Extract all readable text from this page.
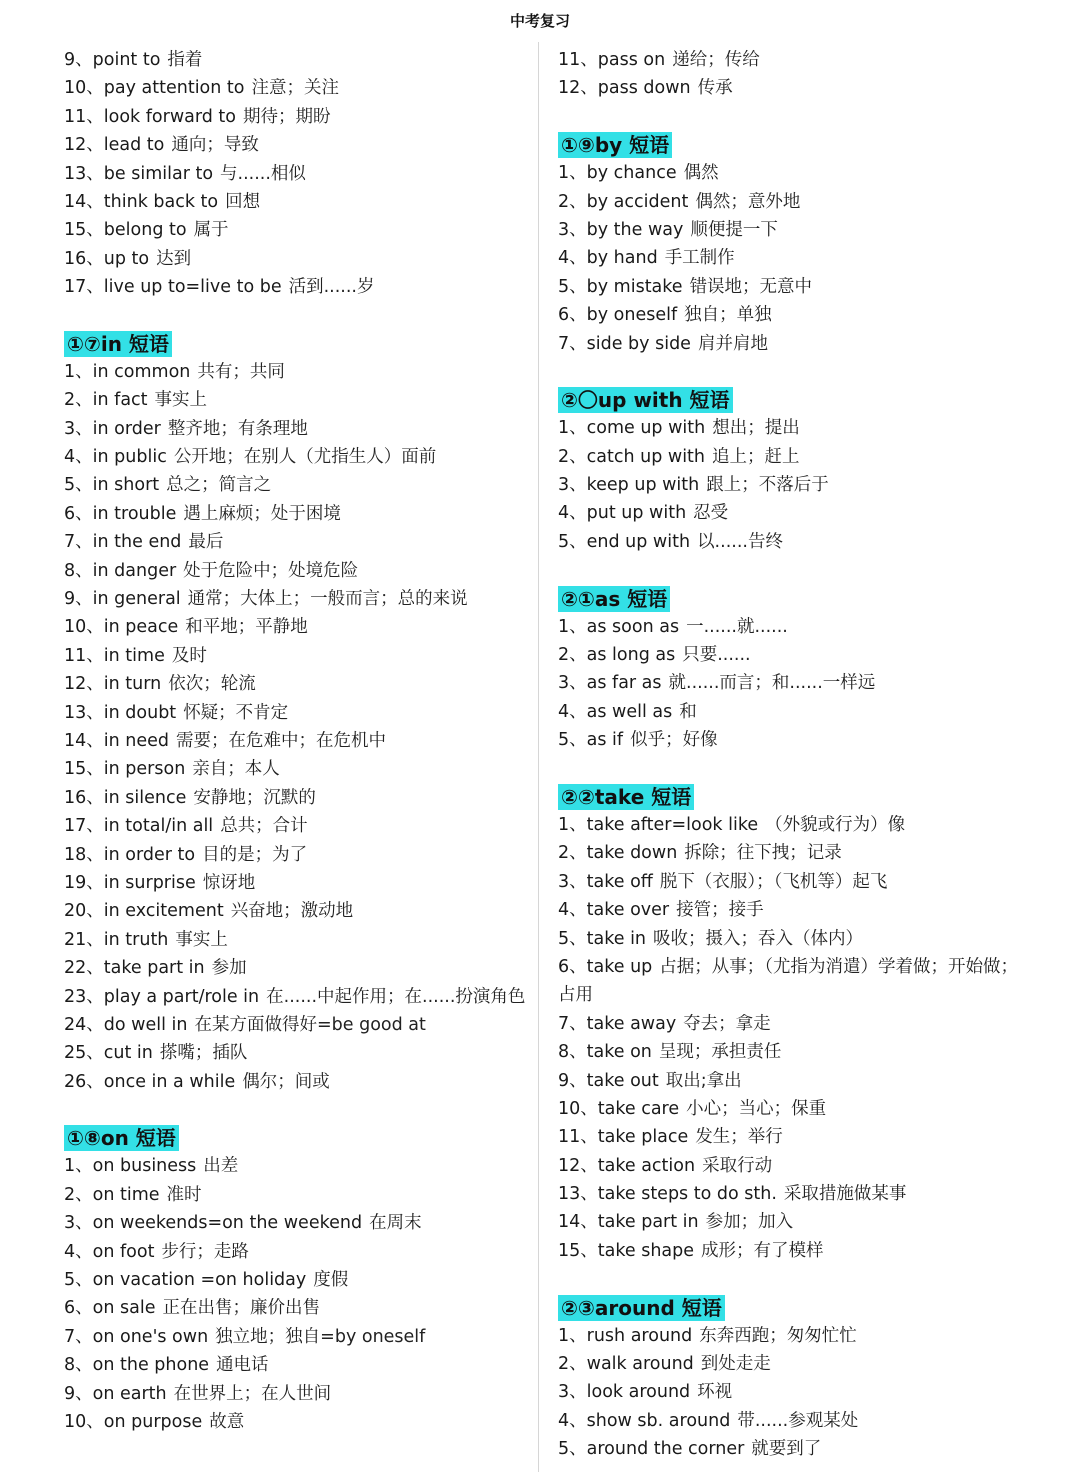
中考复习
9、point to 指着
10、pay attention to 注意；关注
11、look forward to 期待；期盼
12、lead to 通向；导致
13、be similar to 与......相似
14、think back to 回想
15、belong to 属于
16、up to 达到
17、live up to=live to be 活到......岁
①⑦in 短语
1、in common 共有；共同
2、in fact 事实上
3、in order 整齐地；有条理地
4、in public 公开地；在别人（尤指生人）面前
5、in short 总之；简言之
6、in trouble 遇上麻烦；处于困境
7、in the end 最后
8、in danger 处于危险中；处境危险
9、in general 通常；大体上；一般而言；总的来说
10、in peace 和平地；平静地
11、in time 及时
12、in turn 依次；轮流
13、in doubt 怀疑；不肯定
14、in need 需要；在危难中；在危机中
15、in person 亲自；本人
16、in silence 安静地；沉默的
17、in total/in all 总共；合计
18、in order to 目的是；为了
19、in surprise 惊讶地
20、in excitement 兴奋地；激动地
21、in truth 事实上
22、take part in 参加
23、play a part/role in 在......中起作用；在......扮演角色
24、do well in 在某方面做得好=be good at
25、cut in 搽嘴；插队
26、once in a while 偶尔；间或
①⑧on 短语
1、on business 出差
2、on time 准时
3、on weekends=on the weekend 在周末
4、on foot 步行；走路
5、on vacation =on holiday 度假
6、on sale 正在出售；廉价出售
7、on one's own 独立地；独自=by oneself
8、on the phone 通电话
9、on earth 在世界上；在人世间
10、on purpose 故意
11、pass on 递给；传给
12、pass down 传承
①⑨by 短语
1、by chance 偶然
2、by accident 偶然；意外地
3、by the way 顺便提一下
4、by hand 手工制作
5、by mistake 错误地；无意中
6、by oneself 独自；单独
7、side by side 肩并肩地
②〇up with 短语
1、come up with 想出；提出
2、catch up with 追上；赶上
3、keep up with 跟上；不落后于
4、put up with 忍受
5、end up with 以......告终
②①as 短语
1、as soon as 一......就......
2、as long as 只要......
3、as far as 就......而言；和......一样远
4、as well as 和
5、as if 似乎；好像
②②take 短语
1、take after=look like （外貌或行为）像
2、take down 拆除；往下拽；记录
3、take off 脱下（衣服）；（飞机等）起飞
4、take over 接管；接手
5、take in 吸收；摄入；吞入（体内）
6、take up 占据；从事；（尤指为消遣）学着做；开始做；占用
7、take away 夺去；拿走
8、take on 呈现；承担责任
9、take out 取出;拿出
10、take care 小心；当心；保重
11、take place 发生；举行
12、take action 采取行动
13、take steps to do sth. 采取措施做某事
14、take part in 参加；加入
15、take shape 成形；有了模样
②③around 短语
1、rush around 东奔西跑；匆匆忙忙
2、walk around 到处走走
3、look around 环视
4、show sb. around 带......参观某处
5、around the corner 就要到了
